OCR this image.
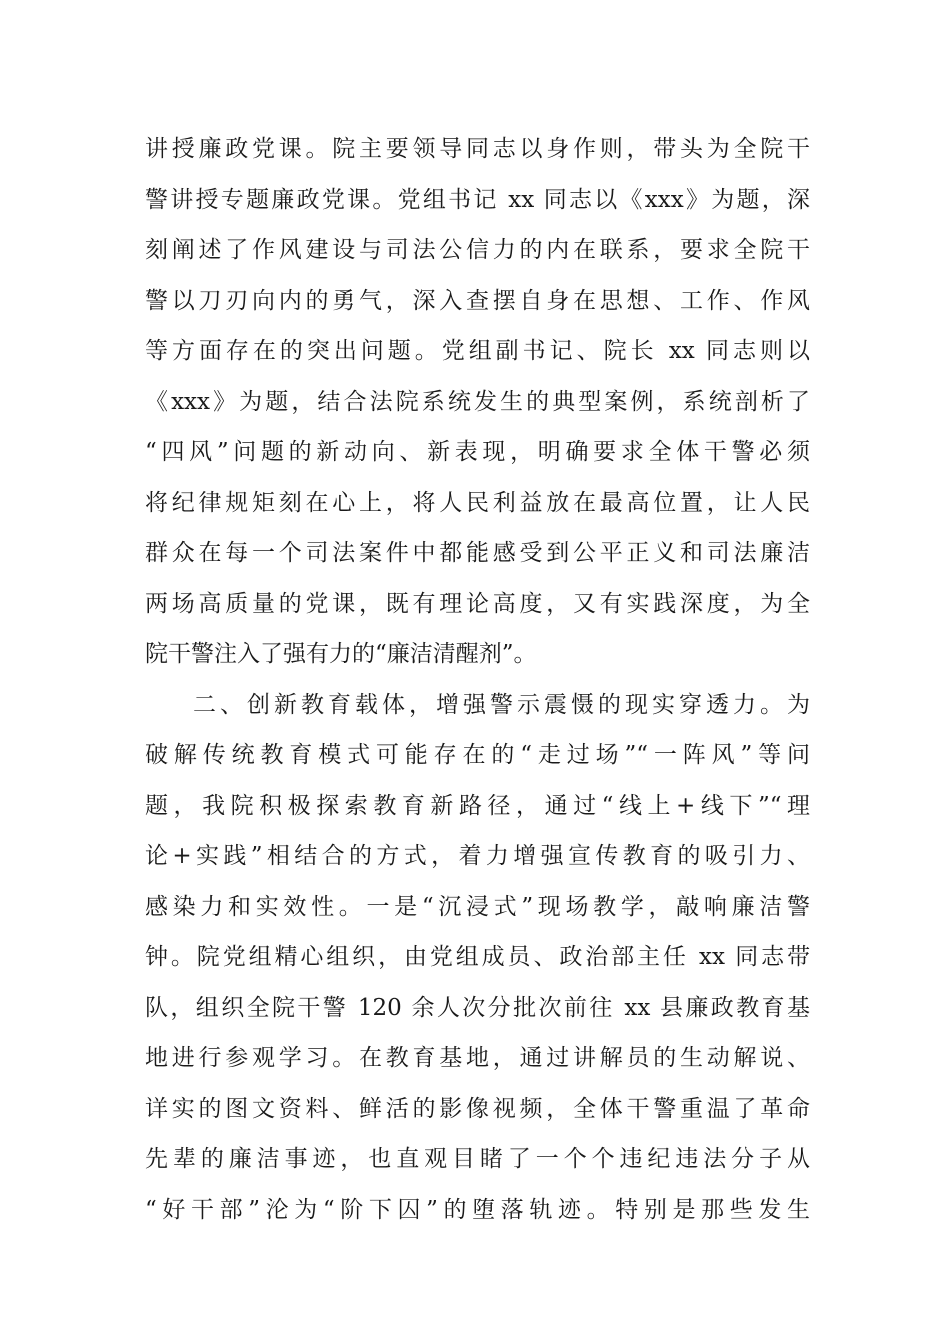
讲授廉政党课。院主要领导同志以身作则，带头为全院干
警讲授专题廉政党课。党组书记 xx 同志以《xxx》为题，深
刻阐述了作风建设与司法公信力的内在联系，要求全院干
警以刀刃向内的勇气，深入查摆自身在思想、工作、作风
等方面存在的突出问题。党组副书记、院长 xx 同志则以
《xxx》为题，结合法院系统发生的典型案例，系统剖析了
“四风”问题的新动向、新表现，明确要求全体干警必须
将纪律规矩刻在心上，将人民利益放在最高位置，让人民
群众在每一个司法案件中都能感受到公平正义和司法廉洁
两场高质量的党课，既有理论高度，又有实践深度，为全
院干警注入了强有力的“廉洁清醒剂”。
二、创新教育载体，增强警示震慑的现实穿透力。为
破解传统教育模式可能存在的“走过场”“一阵风”等问
题，我院积极探索教育新路径，通过“线上+线下”“理
论+实践”相结合的方式，着力增强宣传教育的吸引力、
感染力和实效性。一是“沉浸式”现场教学，敲响廉洁警
钟。院党组精心组织，由党组成员、政治部主任 xx 同志带
队，组织全院干警 120 余人次分批次前往 xx 县廉政教育基
地进行参观学习。在教育基地，通过讲解员的生动解说、
详实的图文资料、鲜活的影像视频，全体干警重温了革命
先辈的廉洁事迹，也直观目睹了一个个违纪违法分子从
“好干部”沦为“阶下囚”的堕落轨迹。特别是那些发生
